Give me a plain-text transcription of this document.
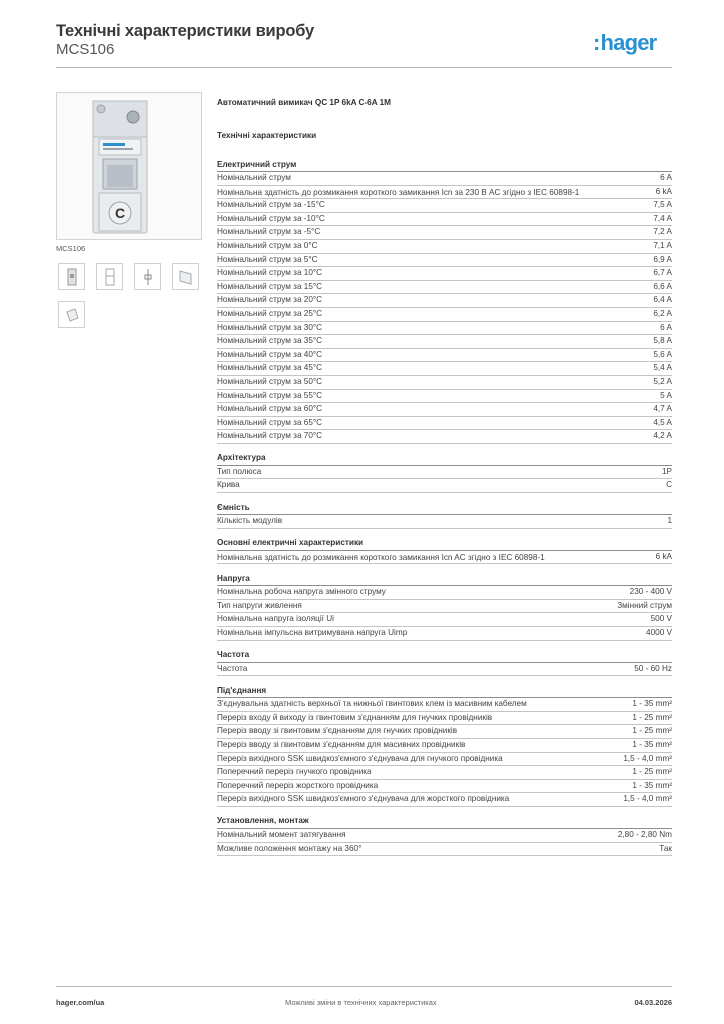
Технічні характеристики виробу
MCS106	:hager
C
MCS106
Автоматичний вимикач QC 1P 6kA C-6A 1M
Технічні характеристики
Електричний струм
Номінальний струм	6 A
Номінальна здатність до розмикання короткого замикання Icn за 230 В AC згідно з IEC 60898-1	6 kA
Номінальний струм за -15°C	7,5 A
Номінальний струм за -10°C	7,4 A
Номінальний струм за -5°C	7,2 A
Номінальний струм за 0°C	7,1 A
Номінальний струм за 5°C	6,9 A
Номінальний струм за 10°C	6,7 A
Номінальний струм за 15°C	6,6 A
Номінальний струм за 20°C	6,4 A
Номінальний струм за 25°C	6,2 A
Номінальний струм за 30°C	6 A
Номінальний струм за 35°C	5,8 A
Номінальний струм за 40°C	5,6 A
Номінальний струм за 45°C	5,4 A
Номінальний струм за 50°C	5,2 A
Номінальний струм за 55°C	5 A
Номінальний струм за 60°C	4,7 A
Номінальний струм за 65°C	4,5 A
Номінальний струм за 70°C	4,2 A
Архітектура
Тип полюса	1P
Крива	C
Ємність
Кількість модулів	1
Основні електричні характеристики
Номінальна здатність до розмикання короткого замикання Icn AC згідно з IEC 60898-1	6 kA
Напруга
Номінальна робоча напруга змінного струму	230 - 400 V
Тип напруги живлення	Змінний струм
Номінальна напруга ізоляції Ui	500 V
Номінальна імпульсна витримувана напруга Uimp	4000 V
Частота
Частота	50 - 60 Hz
Під'єднання
З'єднувальна здатність верхньої та нижньої гвинтових клем із масивним кабелем	1 - 35 mm²
Переріз входу й виходу із гвинтовим з'єднанням для гнучких провідників	1 - 25 mm²
Переріз вводу зі гвинтовим з'єднанням для гнучких провідників	1 - 25 mm²
Переріз вводу зі гвинтовим з'єднанням для масивних провідників	1 - 35 mm²
Переріз вихідного SSK швидкоз'ємного з'єднувача для гнучкого провідника	1,5 - 4,0 mm²
Поперечний переріз гнучкого провідника	1 - 25 mm²
Поперечний переріз жорсткого провідника	1 - 35 mm²
Переріз вихідного SSK швидкоз'ємного з'єднувача для жорсткого провідника	1,5 - 4,0 mm²
Установлення, монтаж
Номінальний момент затягування	2,80 - 2,80 Nm
Можливе положення монтажу на 360°	Так
hager.com/ua	Можливі зміни в технічних характеристиках	04.03.2026
